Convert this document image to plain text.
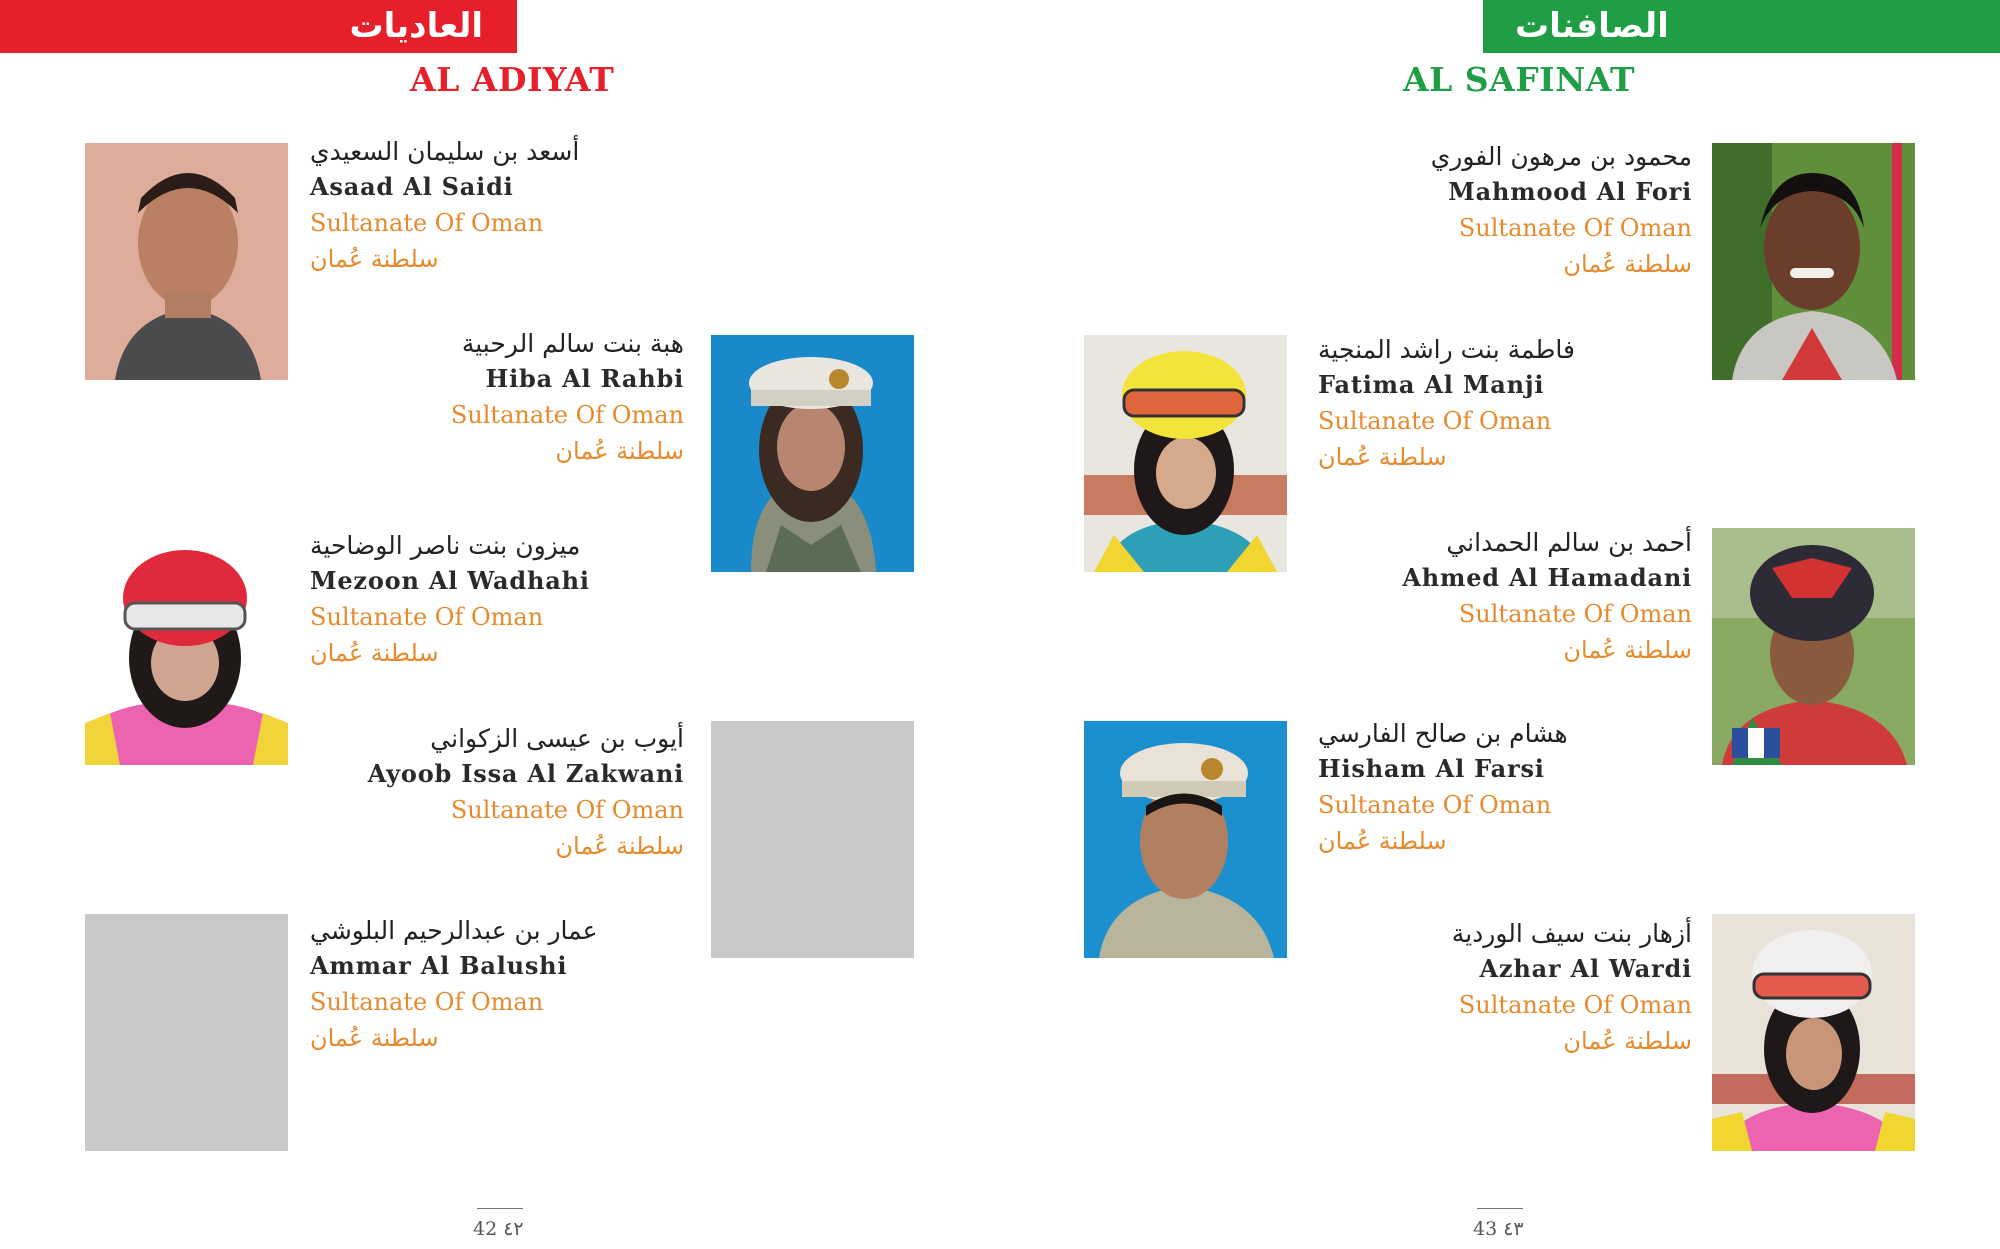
العاديات	الصافنات
AL ADIYAT	AL SAFINAT
أسعد بن سليمان السعيدي
Asaad Al Saidi
Sultanate Of Oman
سلطنة عُمان
هبة بنت سالم الرحبية
Hiba Al Rahbi
Sultanate Of Oman
سلطنة عُمان
ميزون بنت ناصر الوضاحية
Mezoon Al Wadhahi
Sultanate Of Oman
سلطنة عُمان
أيوب بن عيسى الزكواني
Ayoob Issa Al Zakwani
Sultanate Of Oman
سلطنة عُمان
عمار بن عبدالرحيم البلوشي
Ammar Al Balushi
Sultanate Of Oman
سلطنة عُمان
محمود بن مرهون الفوري
Mahmood Al Fori
Sultanate Of Oman
سلطنة عُمان
فاطمة بنت راشد المنجية
Fatima Al Manji
Sultanate Of Oman
سلطنة عُمان
أحمد بن سالم الحمداني
Ahmed Al Hamadani
Sultanate Of Oman
سلطنة عُمان
هشام بن صالح الفارسي
Hisham Al Farsi
Sultanate Of Oman
سلطنة عُمان
أزهار بنت سيف الوردية
Azhar Al Wardi
Sultanate Of Oman
سلطنة عُمان
42 ٤٢	43 ٤٣
